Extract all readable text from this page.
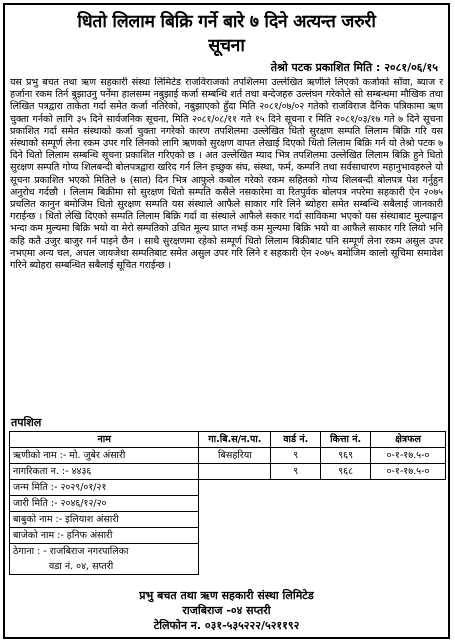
धितो लिलाम बिक्रि गर्ने बारे ७ दिने अत्यन्त जरुरी
सूचना
तेश्रो पटक प्रकाशित मिति : २०८१/०६/१५
यस प्रभु बचत तथा ऋण सहकारी संस्था लिमिटेड राजविराजको तपशिलमा उल्लेखित ऋणीले लिएको कर्जाको साँवा, ब्याज र हर्जाना रकम तिर्न बुझाउनु पर्नेमा हालसम्म नबुझाई कर्जा सम्बन्धि शर्त तथा बन्देजहरु उल्लंघन गरेकोले सो सम्बन्धमा मौखिक तथा लिखित पत्रद्वारा ताकेता गर्दा समेत कर्जा नतिरेको, नबुझाएको हुँदा मिति २०८१/०७/०२ गतेको राजविराज दैनिक पत्रिकामा ऋण चुक्ता गर्नको लागि ३५ दिने सार्वजनिक सूचना, मिति २०८१/०८/११ गते १५ दिने सूचना र मिति २०८१/०३/१७ गते ७ दिने सूचना प्रकाशित गर्दा समेत संस्थाको कर्जा चुक्ता नगरेको कारण तपशिलमा उल्लेखित धितो सुरक्षण सम्पति लिलाम बिक्रि गरि यस संस्थाको सम्पूर्ण लेना रकम उपर गरि लिनको लागि ऋणको सुरक्षण वापत लेखाई दिएको धितो लिलाम बिक्रि गर्न यो तेश्रो पटक ७ दिने धितो लिलाम सम्बन्धि सूचना प्रकाशित गरिएको छ । अत उल्लेखित म्याद भित्र तपशिलमा उल्लेखित लिलाम बिक्रि हुने धितो सुरक्षण सम्पति गोप्य शिलबन्दी बोलपत्रद्वारा खरिद गर्न लिन इच्छुक संघ, संस्था, फर्म, कम्पनि तथा सर्वसाधारण महानुभावहरुले यो सूचना प्रकाशित भएको मितिले ७ (सात) दिन भित्र आफुले कबोल गरेको रकम सहितको गोप्य शिलबन्दी बोलपत्र पेश गर्नुहुन अनुरोध गर्दछौ । लिलाम बिक्रीमा सो सुरक्षण धितो सम्पति कसैले नसकारेमा वा रितपुर्वक बोलपत्र नपरेमा सहकारी ऐन २०७५ प्रचलित कानुन बमोजिम धितो सुरक्षण सम्पति यस संस्थाले आफैले साकार गरि लिने ब्योहरा समेत सम्बन्धि सबैलाई जानकारी गराईन्छ । धितो लेखि दिएको सम्पति लिलाम बिक्रि गर्दा वा संस्थाले आफैले सकार गर्दा साविकमा भएको यस संस्थाबाट मुल्याङ्गन भन्दा कम मुल्यमा बिक्रि भयो वा मेरो सम्पतिको उचित मूल्य प्राप्त नभई कम मुल्यमा बिक्रि भयो वा आफैले साकार गरि लियो भनि कहि कतै उजुर बाजुर गर्न पाइने छैन । साथै सुरक्षणमा रहेको सम्पूर्ण धितो लिलाम बिक्रीबाट पनि सम्पूर्ण लेना रकम असुल उपर नभएमा अन्य चल, अचल जायजेथा सम्पतिबाट समेत असुल उपर गरि लिने र सहकारी ऐन २०७५ बमोजिम कालो सूचिमा समावेश गरिने ब्योहरा सम्बन्धित सबैलाई सूचित गराईन्छ ।
तपशिल
नाम	गा.बि.स/न.पा.	वार्ड नं.	कित्ता नं.	क्षेत्रफल
ऋणीको नाम :- मो. जुबेर अंसारी	बिसहरिया	९	९६९	०-१-१७.५-०
नागरिकता न. :- ४४३६		९	९६८	०-१-१७.५-०
जन्म मिति :- २०२९/०१/२१				
जारी मिति :- २०४६/१२/२०				
बाबुको नाम :- इलियाश अंसारी				
बाजेको नाम :- हनिफ अंसारी				

ठेगाना : - राजबिराज नगरपालिका
वडा नं. ०४, सप्तरी				

प्रभु बचत तथा ऋण सहकारी संस्था लिमिटेड
राजबिराज -०४ सप्तरी
टेलिफोन न. ०३१-५३५२२२/५२११९२
